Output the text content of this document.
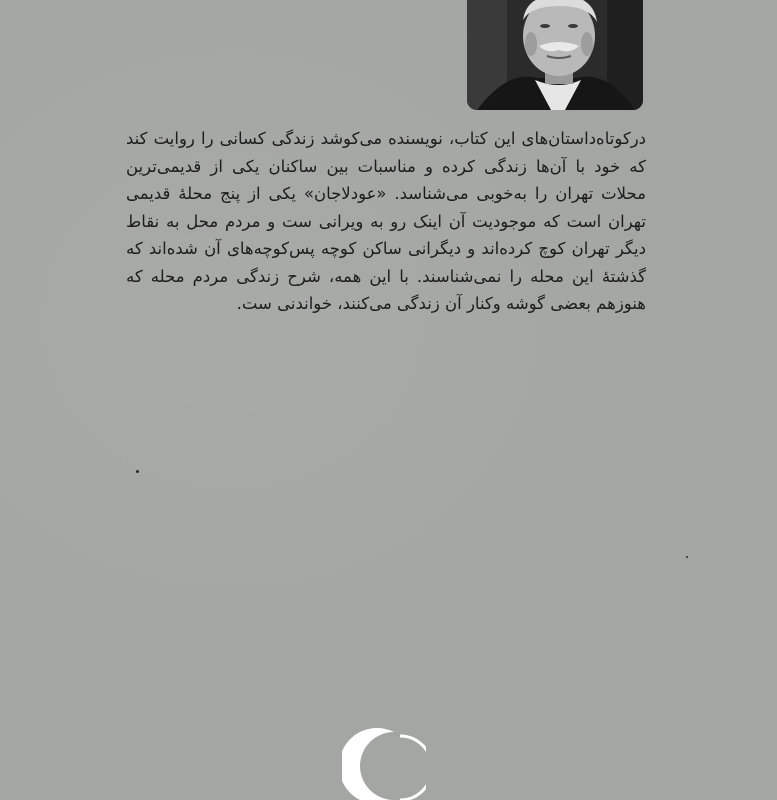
درکوتاه‌داستان‌های این کتاب، نویسنده می‌کوشد زندگی کسانی را روایت کند که خود با آن‌ها زندگی کرده و مناسبات بین ساکنان یکی از قدیمی‌ترین محلات تهران را به‌خوبی می‌شناسد. «عودلاجان» یکی از پنج محلهٔ قدیمی تهران است که موجودیت آن اینک رو به ویرانی ست و مردم محل به نقاط دیگر تهران کوچ کرده‌اند و دیگرانی ساکن کوچه پس‌کوچه‌های آن شده‌اند که گذشتهٔ این محله را نمی‌شناسند. با این همه، شرح زندگی مردم محله که هنوزهم بعضی گوشه وکنار آن زندگی می‌کنند، خواندنی ست.
